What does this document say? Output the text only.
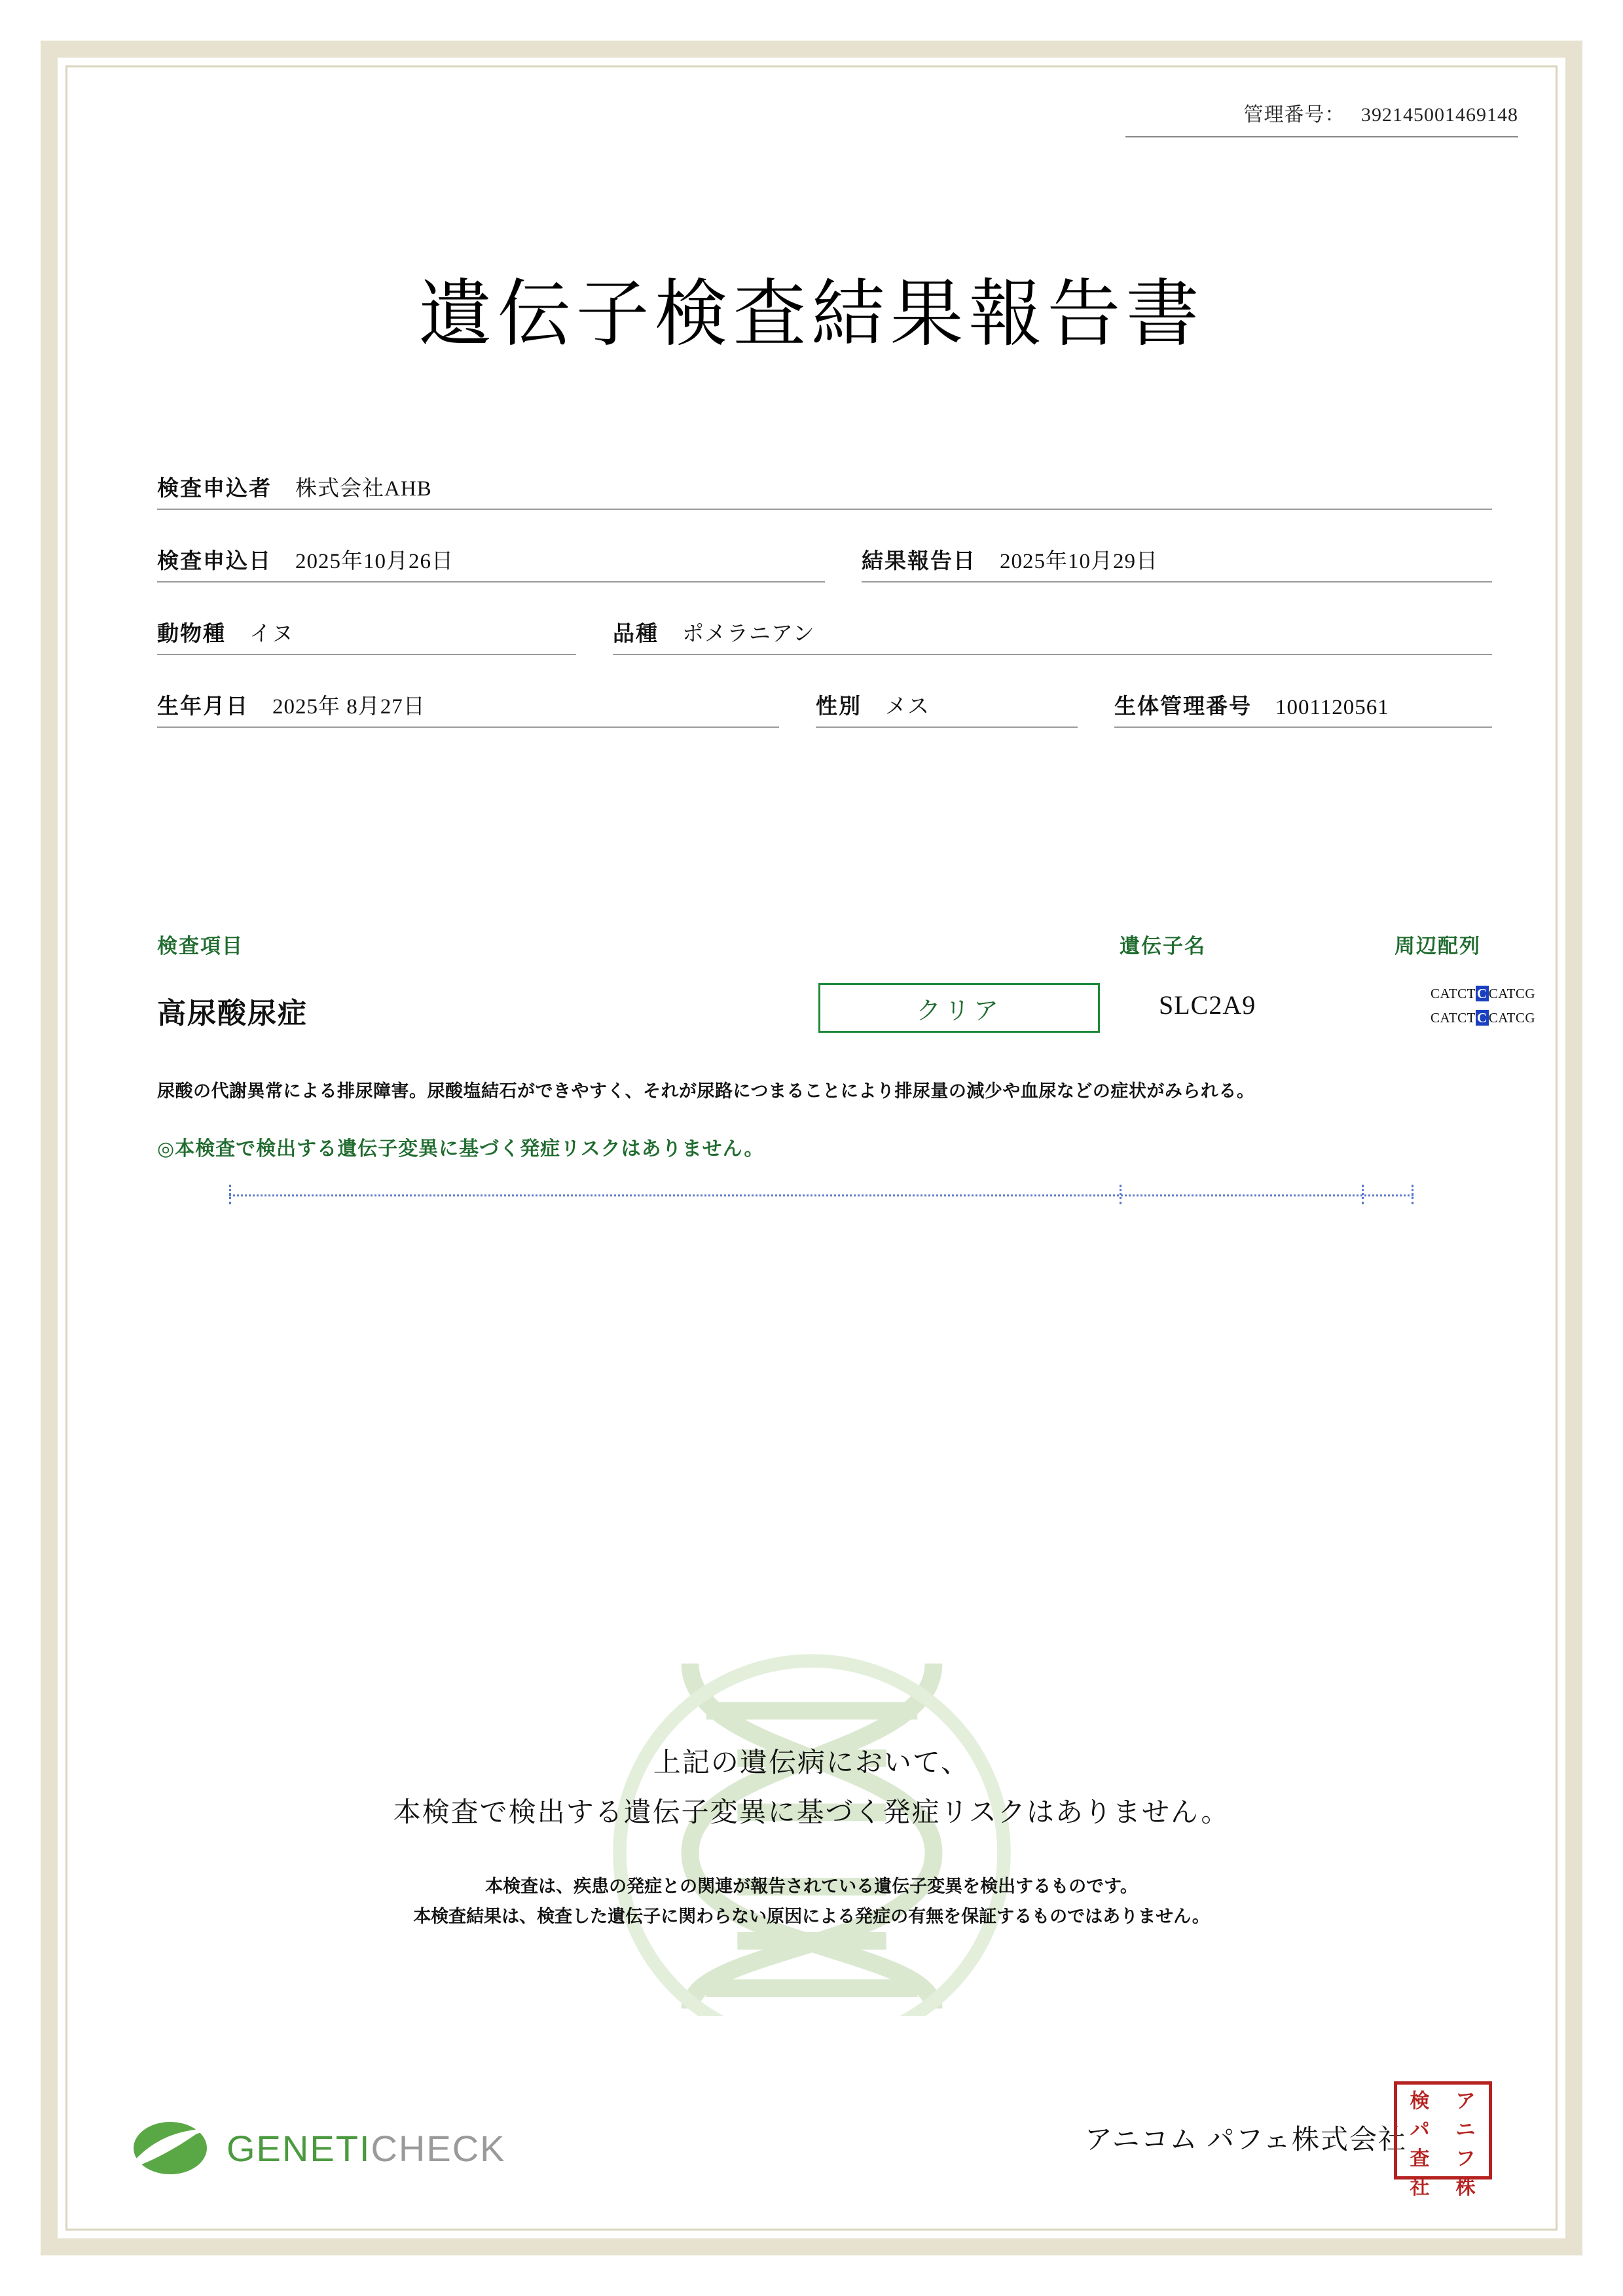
管理番号： 392145001469148
遺伝子検査結果報告書
検査申込者 株式会社AHB
検査申込日 2025年10月26日	結果報告日 2025年10月29日
動物種 イヌ	品種 ポメラニアン
生年月日 2025年 8月27日	性別 メス	生体管理番号 1001120561
検査項目	遺伝子名	周辺配列
高尿酸尿症	クリア	SLC2A9	CATCTCCATCG
CATCTCCATCG
尿酸の代謝異常による排尿障害。尿酸塩結石ができやすく、それが尿路につまることにより排尿量の減少や血尿などの症状がみられる。
◎本検査で検出する遺伝子変異に基づく発症リスクはありません。
上記の遺伝病において、
本検査で検出する遺伝子変異に基づく発症リスクはありません。
本検査は、疾患の発症との関連が報告されている遺伝子変異を検出するものです。
本検査結果は、検査した遺伝子に関わらない原因による発症の有無を保証するものではありません。
GENETICHECK	アニコム パフェ株式会社
検	ア
パ	ニ
査	フ
社	株
